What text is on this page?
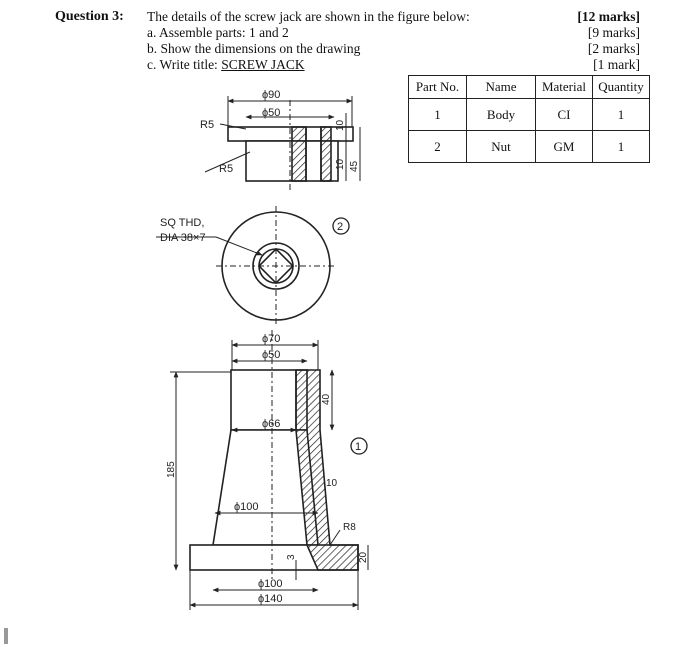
Question 3: The details of the screw jack are shown in the figure below:
a. Assemble parts: 1 and 2
b. Show the dimensions on the drawing
c. Write title: SCREW JACK
[12 marks]
[9 marks]
[2 marks]
[1 mark]
Part No.	Name	Material	Quantity
1	Body	CI	1
2	Nut	GM	1
ϕ90
ϕ50
R5
R5
10
10 45
SQ THD,
DIA 38×7
2
ϕ70
ϕ50
ϕ66
40
185
ϕ100
10
R8
3	20
ϕ100
ϕ140
1
